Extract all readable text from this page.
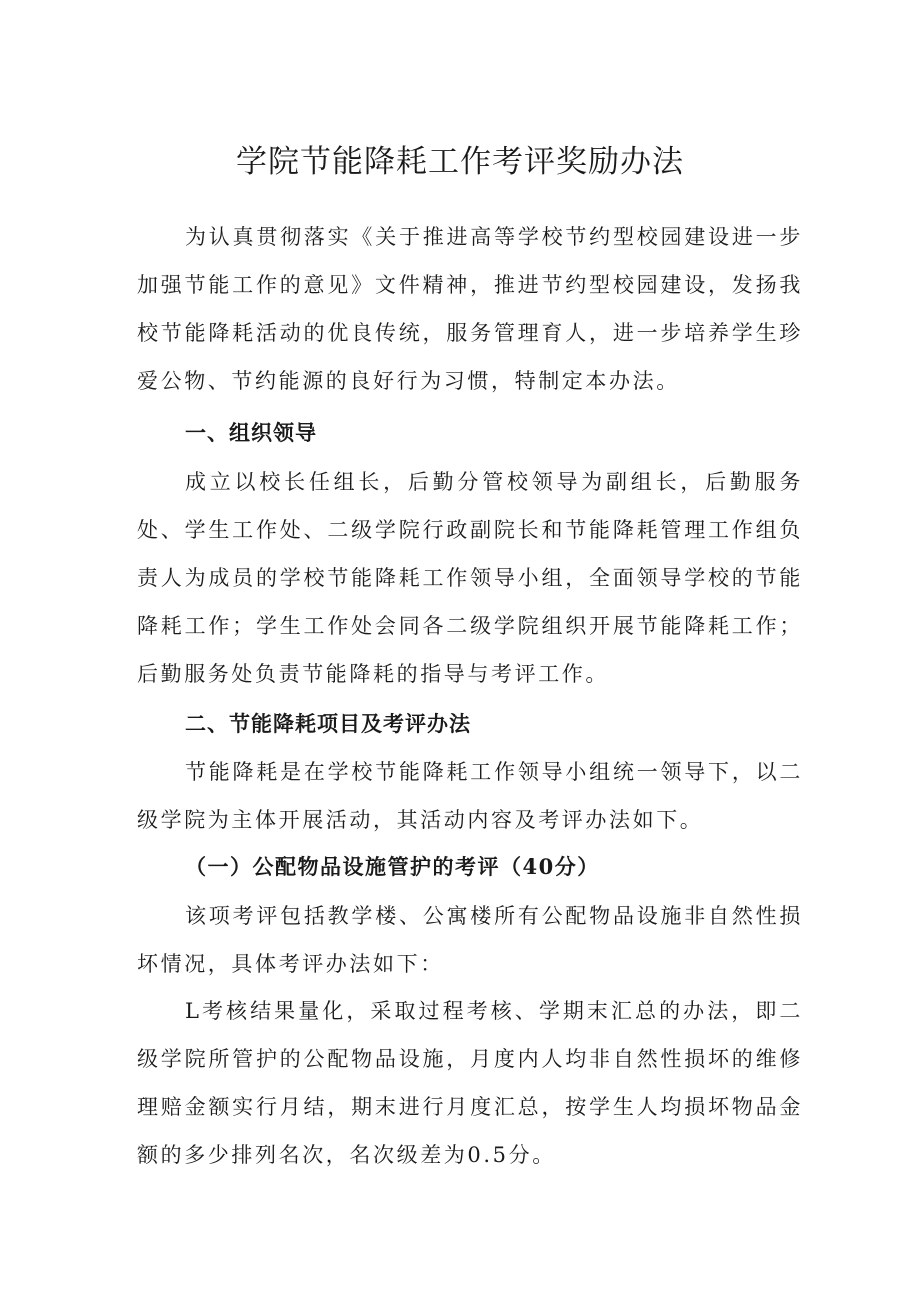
学院节能降耗工作考评奖励办法

为认真贯彻落实《关于推进高等学校节约型校园建设进一步加强节能工作的意见》文件精神，推进节约型校园建设，发扬我校节能降耗活动的优良传统，服务管理育人，进一步培养学生珍爱公物、节约能源的良好行为习惯，特制定本办法。

一、组织领导

成立以校长任组长，后勤分管校领导为副组长，后勤服务处、学生工作处、二级学院行政副院长和节能降耗管理工作组负责人为成员的学校节能降耗工作领导小组，全面领导学校的节能降耗工作；学生工作处会同各二级学院组织开展节能降耗工作；后勤服务处负责节能降耗的指导与考评工作。

二、节能降耗项目及考评办法

节能降耗是在学校节能降耗工作领导小组统一领导下，以二级学院为主体开展活动，其活动内容及考评办法如下。

（一）公配物品设施管护的考评（40分）

该项考评包括教学楼、公寓楼所有公配物品设施非自然性损坏情况，具体考评办法如下：

L考核结果量化，采取过程考核、学期末汇总的办法，即二级学院所管护的公配物品设施，月度内人均非自然性损坏的维修理赔金额实行月结，期末进行月度汇总，按学生人均损坏物品金额的多少排列名次，名次级差为0.5分。
